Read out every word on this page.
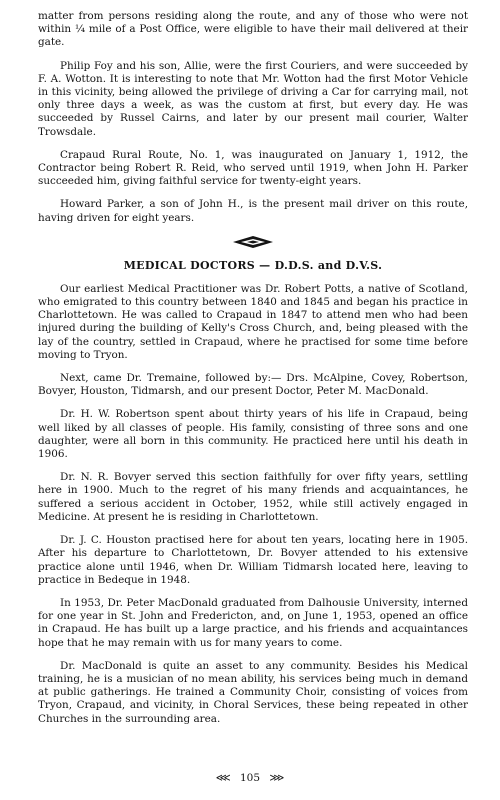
matter from persons residing along the route, and any of those who were not within ¼ mile of a Post Office, were eligible to have their mail delivered at their gate.

Philip Foy and his son, Allie, were the first Couriers, and were succeeded by F. A. Wotton. It is interesting to note that Mr. Wotton had the first Motor Vehicle in this vicinity, being allowed the privilege of driving a Car for carrying mail, not only three days a week, as was the custom at first, but every day. He was succeeded by Russel Cairns, and later by our present mail courier, Walter Trowsdale.

Crapaud Rural Route, No. 1, was inaugurated on January 1, 1912, the Contractor being Robert R. Reid, who served until 1919, when John H. Parker succeeded him, giving faithful service for twenty-eight years.

Howard Parker, a son of John H., is the present mail driver on this route, having driven for eight years.

MEDICAL DOCTORS — D.D.S. and D.V.S.

Our earliest Medical Practitioner was Dr. Robert Potts, a native of Scotland, who emigrated to this country between 1840 and 1845 and began his practice in Charlottetown. He was called to Crapaud in 1847 to attend men who had been injured during the building of Kelly's Cross Church, and, being pleased with the lay of the country, settled in Crapaud, where he practised for some time before moving to Tryon.

Next, came Dr. Tremaine, followed by:— Drs. McAlpine, Covey, Robertson, Bovyer, Houston, Tidmarsh, and our present Doctor, Peter M. MacDonald.

Dr. H. W. Robertson spent about thirty years of his life in Crapaud, being well liked by all classes of people. His family, consisting of three sons and one daughter, were all born in this community. He practiced here until his death in 1906.

Dr. N. R. Bovyer served this section faithfully for over fifty years, settling here in 1900. Much to the regret of his many friends and acquaintances, he suffered a serious accident in October, 1952, while still actively engaged in Medicine. At present he is residing in Charlottetown.

Dr. J. C. Houston practised here for about ten years, locating here in 1905. After his departure to Charlottetown, Dr. Bovyer attended to his extensive practice alone until 1946, when Dr. William Tidmarsh located here, leaving to practice in Bedeque in 1948.

In 1953, Dr. Peter MacDonald graduated from Dalhousie University, interned for one year in St. John and Fredericton, and, on June 1, 1953, opened an office in Crapaud. He has built up a large practice, and his friends and acquaintances hope that he may remain with us for many years to come.

Dr. MacDonald is quite an asset to any community. Besides his Medical training, he is a musician of no mean ability, his services being much in demand at public gatherings. He trained a Community Choir, consisting of voices from Tryon, Crapaud, and vicinity, in Choral Services, these being repeated in other Churches in the surrounding area.

⋘ 105 ⋙
